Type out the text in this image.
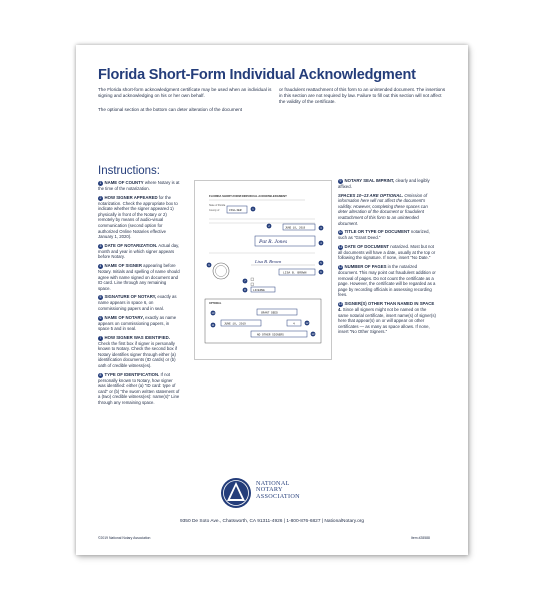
Florida Short-Form Individual Acknowledgment
The Florida short-form acknowledgment certificate may be used when an individual is signing and acknowledging on his or her own behalf.
The optional section at the bottom can deter alteration of the document
or fraudulent reattachment of this form to an unintended document. The insertions in this section are not required by law. Failure to fill out this section will not affect the validity of the certificate.
Instructions:
1 NAME OF COUNTY where Notary is at the time of the notarization.
2 HOW SIGNER APPEARED for the notarization. Check the appropriate box to indicate whether the signer appeared 1) physically in front of the Notary or 2) remotely by means of audio-visual communication (second option for authorized Online Notaries effective January 1, 2020).
3 DATE OF NOTARIZATION. Actual day, month and year in which signer appears before Notary.
4 NAME OF SIGNER appearing before Notary. Initials and spelling of name should agree with name signed on document and ID card. Line through any remaining space.
5 SIGNATURE OF NOTARY, exactly as name appears in space 6, on commissioning papers and in seal.
6 NAME OF NOTARY, exactly as name appears on commissioning papers, in space 5 and in seal.
7 HOW SIGNER WAS IDENTIFIED. Check the first box if signer is personally known to Notary. Check the second box if Notary identifies signer through either (a) identification documents (ID cards) or (b) oath of credible witness(es).
8 TYPE OF IDENTIFICATION. If not personally known to Notary, how signer was identified: either (a) "ID card: type of card" or (b) "the sworn written statement of a (two) credible witness(es): name(s)" Line through any remaining space.
9 NOTARY SEAL IMPRINT, clearly and legibly affixed.
SPACES 10–13 ARE OPTIONAL. Omission of information here will not affect the document's validity. However, completing these spaces can deter alteration of the document or fraudulent reattachment of this form to an unintended document.
10 TITLE OR TYPE OF DOCUMENT notarized, such as "Grant Deed."
11 DATE OF DOCUMENT notarized. Most but not all documents will have a date, usually at the top or following the signature. If none, insert "No Date."
12 NUMBER OF PAGES in the notarized document. This may point out fraudulent addition or removal of pages. Do not count the certificate as a page. However, the certificate will be regarded as a page by recording officials in assessing recording fees.
13 SIGNER(S) OTHER THAN NAMED IN SPACE 4. Since all signers might not be named on the same notarial certificate, insert name(s) of signer(s) here that appear(s) on or will appear on other certificates — as many as space allows. If none, insert "No Other Signers."
FLORIDA SHORT-FORM INDIVIDUAL ACKNOWLEDGMENT
State of Florida
County of	COLLIER	1
2	JUNE 10, 2019	3
Pat R. Jones	4
9
Lisa B. Brown	5
LISA B. BROWN	6
7
LICENSE
8
OPTIONAL
10	GRANT DEED
11	JUNE 10, 2019	4	12
NO OTHER SIGNERS	13
NATIONAL
NOTARY
ASSOCIATION
9350 De Soto Ave., Chatsworth, CA 91311-4926 | 1-800-876-6827 | NationalNotary.org
©2019 National Notary Association	Item #28588
